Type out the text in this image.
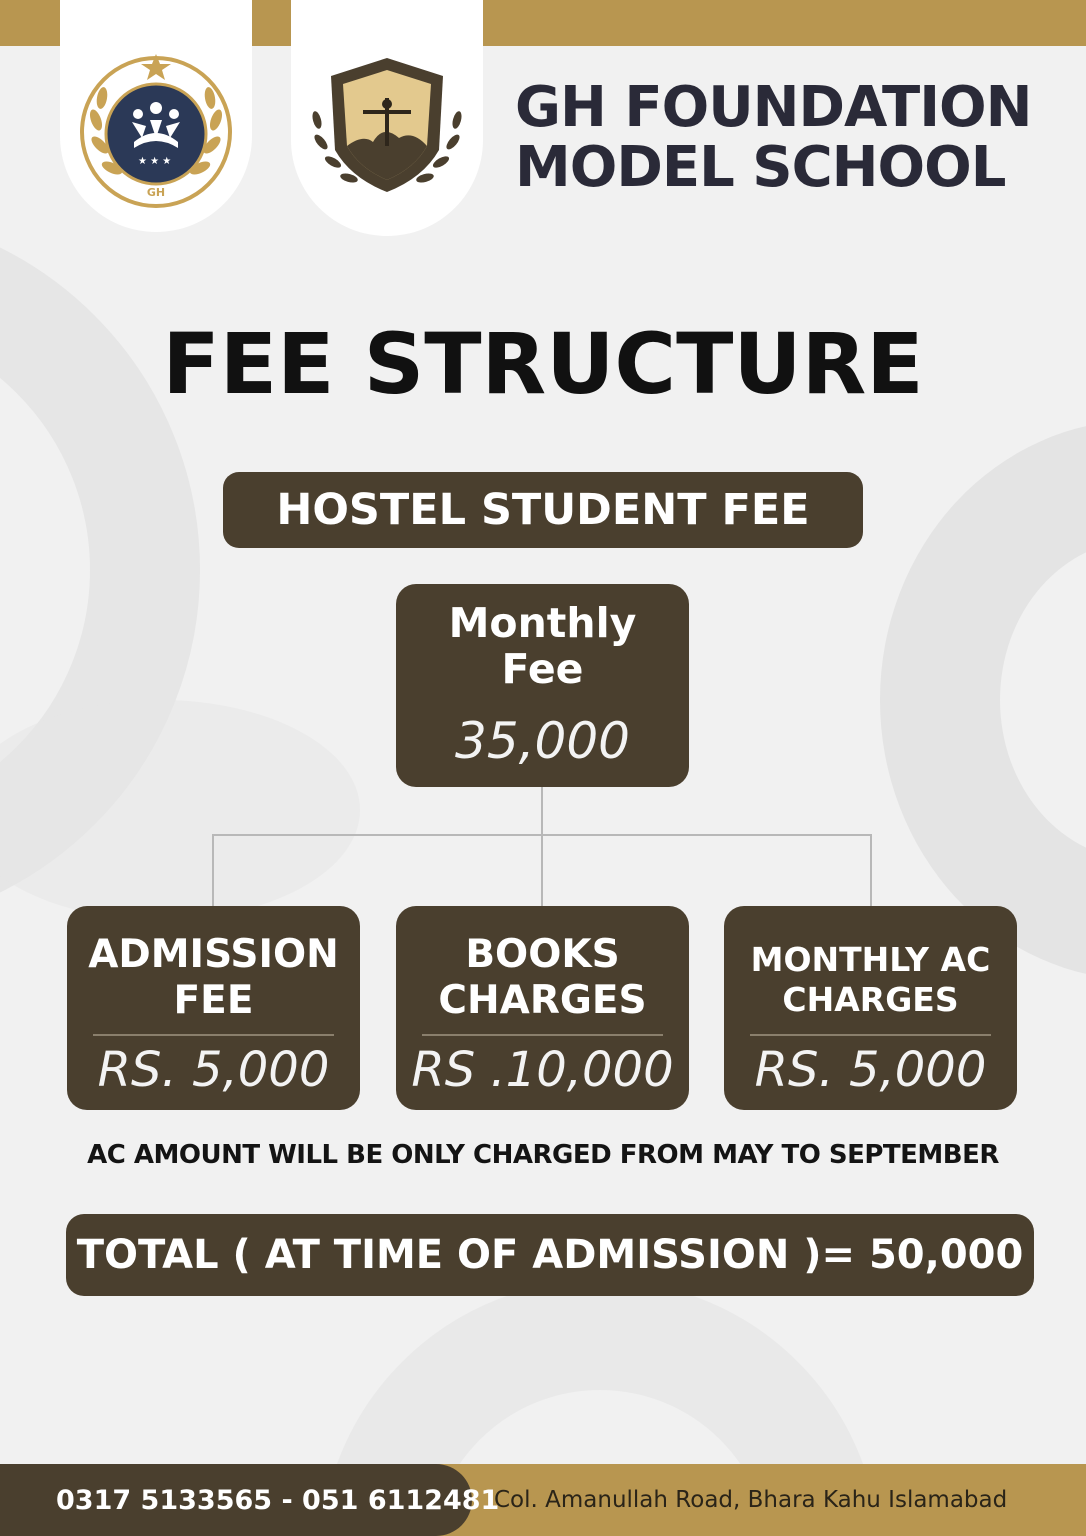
★ ★ ★
GH
GH FOUNDATION
MODEL SCHOOL
FEE STRUCTURE
HOSTEL STUDENT FEE
Monthly
Fee
35,000
ADMISSION
FEE
RS. 5,000
BOOKS
CHARGES
RS .10,000
MONTHLY AC
CHARGES
RS. 5,000
AC AMOUNT WILL BE ONLY CHARGED FROM MAY TO SEPTEMBER
TOTAL ( AT TIME OF ADMISSION )= 50,000
0317 5133565 - 051 6112481
Col. Amanullah Road, Bhara Kahu Islamabad
